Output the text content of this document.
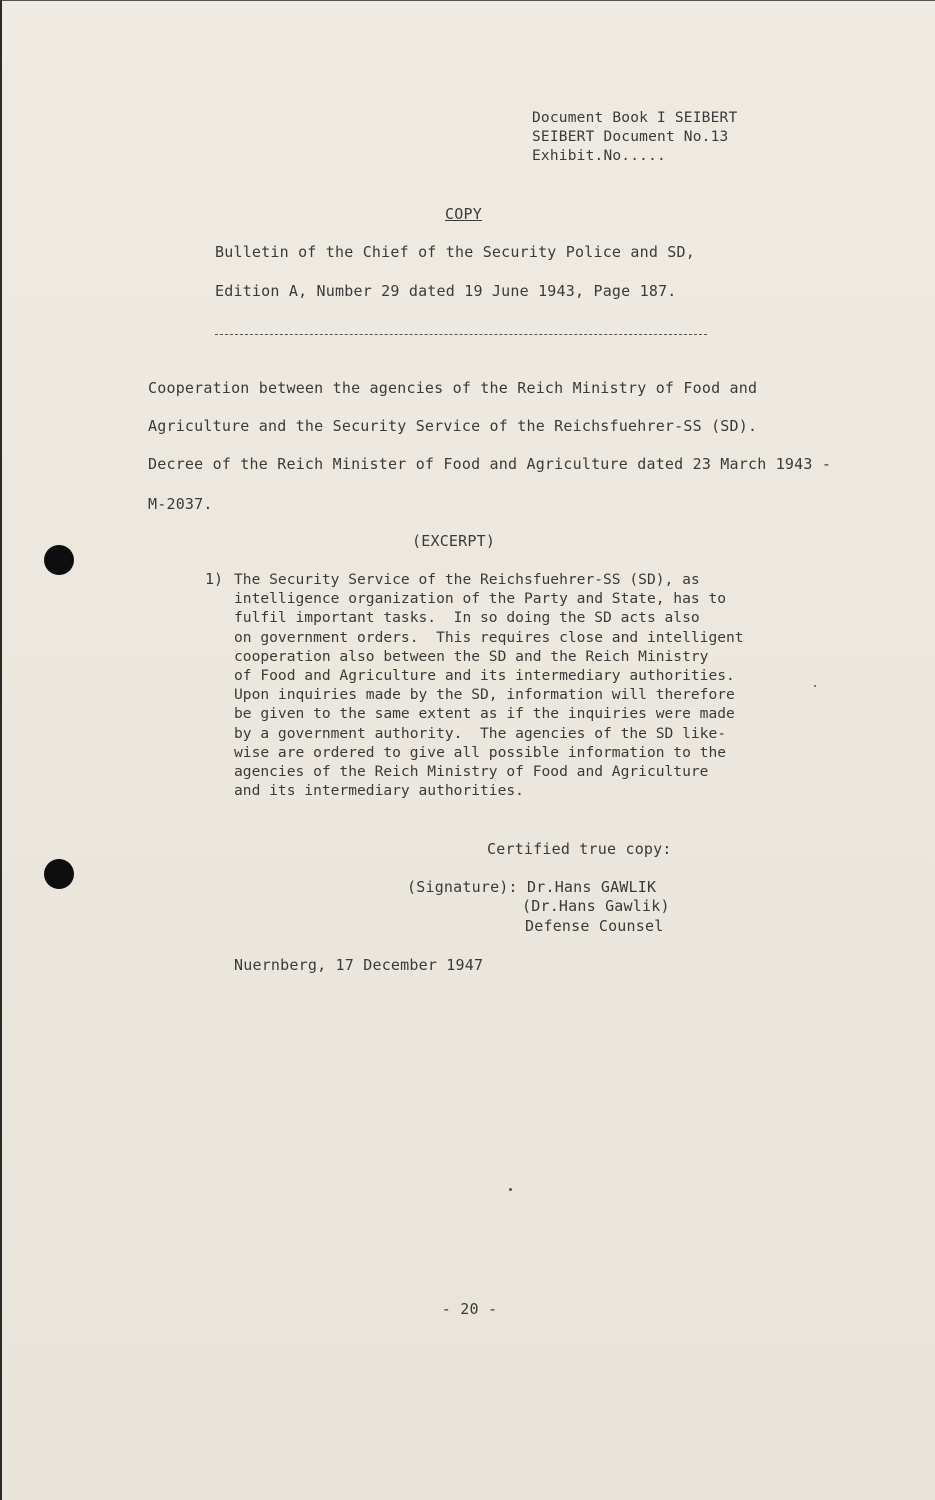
Document Book I SEIBERT
SEIBERT Document No.13
Exhibit.No.....
COPY
Bulletin of the Chief of the Security Police and SD,
Edition A, Number 29 dated 19 June 1943, Page 187.
Cooperation between the agencies of the Reich Ministry of Food and
Agriculture and the Security Service of the Reichsfuehrer-SS (SD).
Decree of the Reich Minister of Food and Agriculture dated 23 March 1943 -
M-2037.
(EXCERPT)
1) The Security Service of the Reichsfuehrer-SS (SD), as
intelligence organization of the Party and State, has to
fulfil important tasks.  In so doing the SD acts also
on government orders.  This requires close and intelligent
cooperation also between the SD and the Reich Ministry
of Food and Agriculture and its intermediary authorities.
Upon inquiries made by the SD, information will therefore
be given to the same extent as if the inquiries were made
by a government authority.  The agencies of the SD like-
wise are ordered to give all possible information to the
agencies of the Reich Ministry of Food and Agriculture
and its intermediary authorities.
Certified true copy:
(Signature): Dr.Hans GAWLIK
(Dr.Hans Gawlik)
Defense Counsel
Nuernberg, 17 December 1947
- 20 -
